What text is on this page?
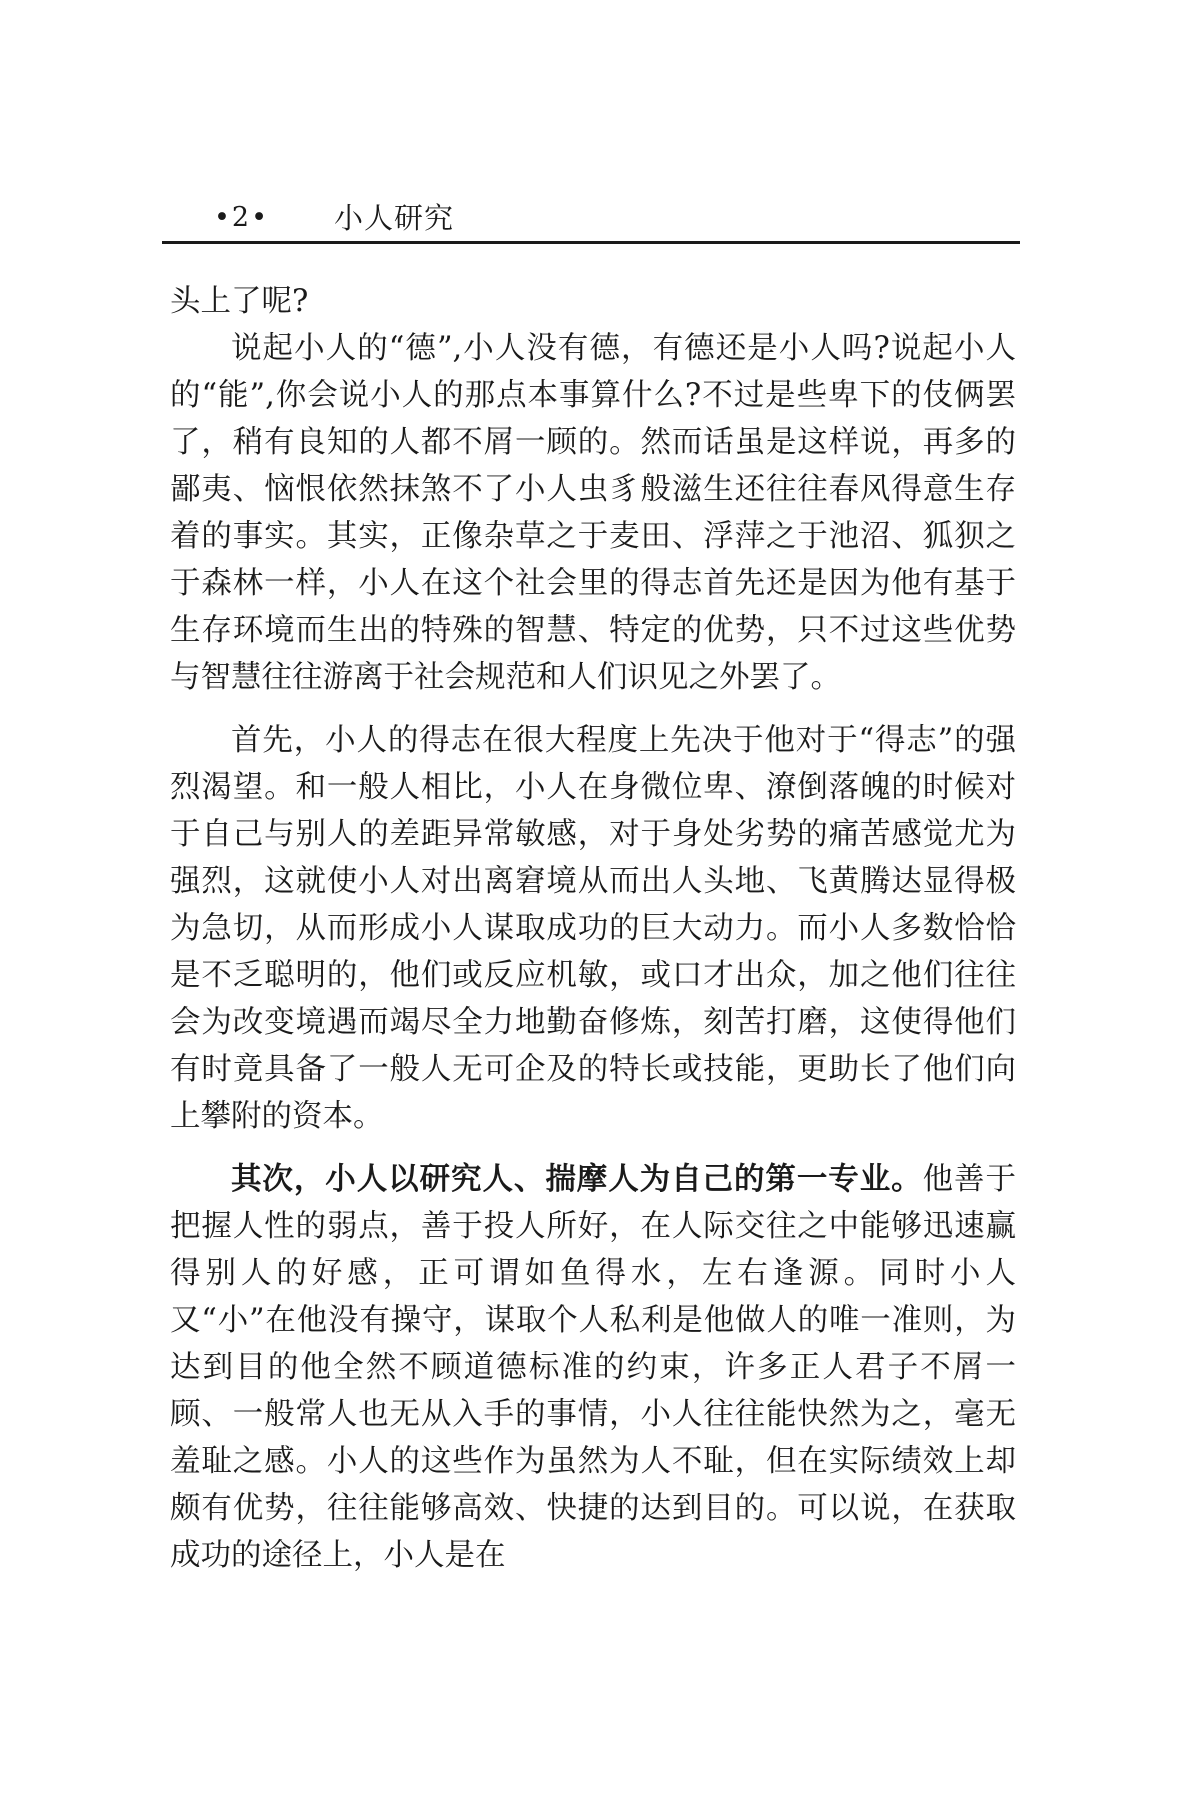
•2• 小人研究

头上了呢?

说起小人的“德”,小人没有德，有德还是小人吗?说起小人的“能”,你会说小人的那点本事算什么?不过是些卑下的伎俩罢了，稍有良知的人都不屑一顾的。然而话虽是这样说，再多的鄙夷、恼恨依然抹煞不了小人虫豸般滋生还往往春风得意生存着的事实。其实，正像杂草之于麦田、浮萍之于池沼、狐狈之于森林一样，小人在这个社会里的得志首先还是因为他有基于生存环境而生出的特殊的智慧、特定的优势，只不过这些优势与智慧往往游离于社会规范和人们识见之外罢了。

首先，小人的得志在很大程度上先决于他对于“得志”的强烈渴望。和一般人相比，小人在身微位卑、潦倒落魄的时候对于自己与别人的差距异常敏感，对于身处劣势的痛苦感觉尤为强烈，这就使小人对出离窘境从而出人头地、飞黄腾达显得极为急切，从而形成小人谋取成功的巨大动力。而小人多数恰恰是不乏聪明的，他们或反应机敏，或口才出众，加之他们往往会为改变境遇而竭尽全力地勤奋修炼，刻苦打磨，这使得他们有时竟具备了一般人无可企及的特长或技能，更助长了他们向上攀附的资本。

其次，小人以研究人、揣摩人为自己的第一专业。他善于把握人性的弱点，善于投人所好，在人际交往之中能够迅速赢得别人的好感，正可谓如鱼得水，左右逢源。同时小人又“小”在他没有操守，谋取个人私利是他做人的唯一准则，为达到目的他全然不顾道德标准的约束，许多正人君子不屑一顾、一般常人也无从入手的事情，小人往往能快然为之，毫无羞耻之感。小人的这些作为虽然为人不耻，但在实际绩效上却颇有优势，往往能够高效、快捷的达到目的。可以说，在获取成功的途径上，小人是在
